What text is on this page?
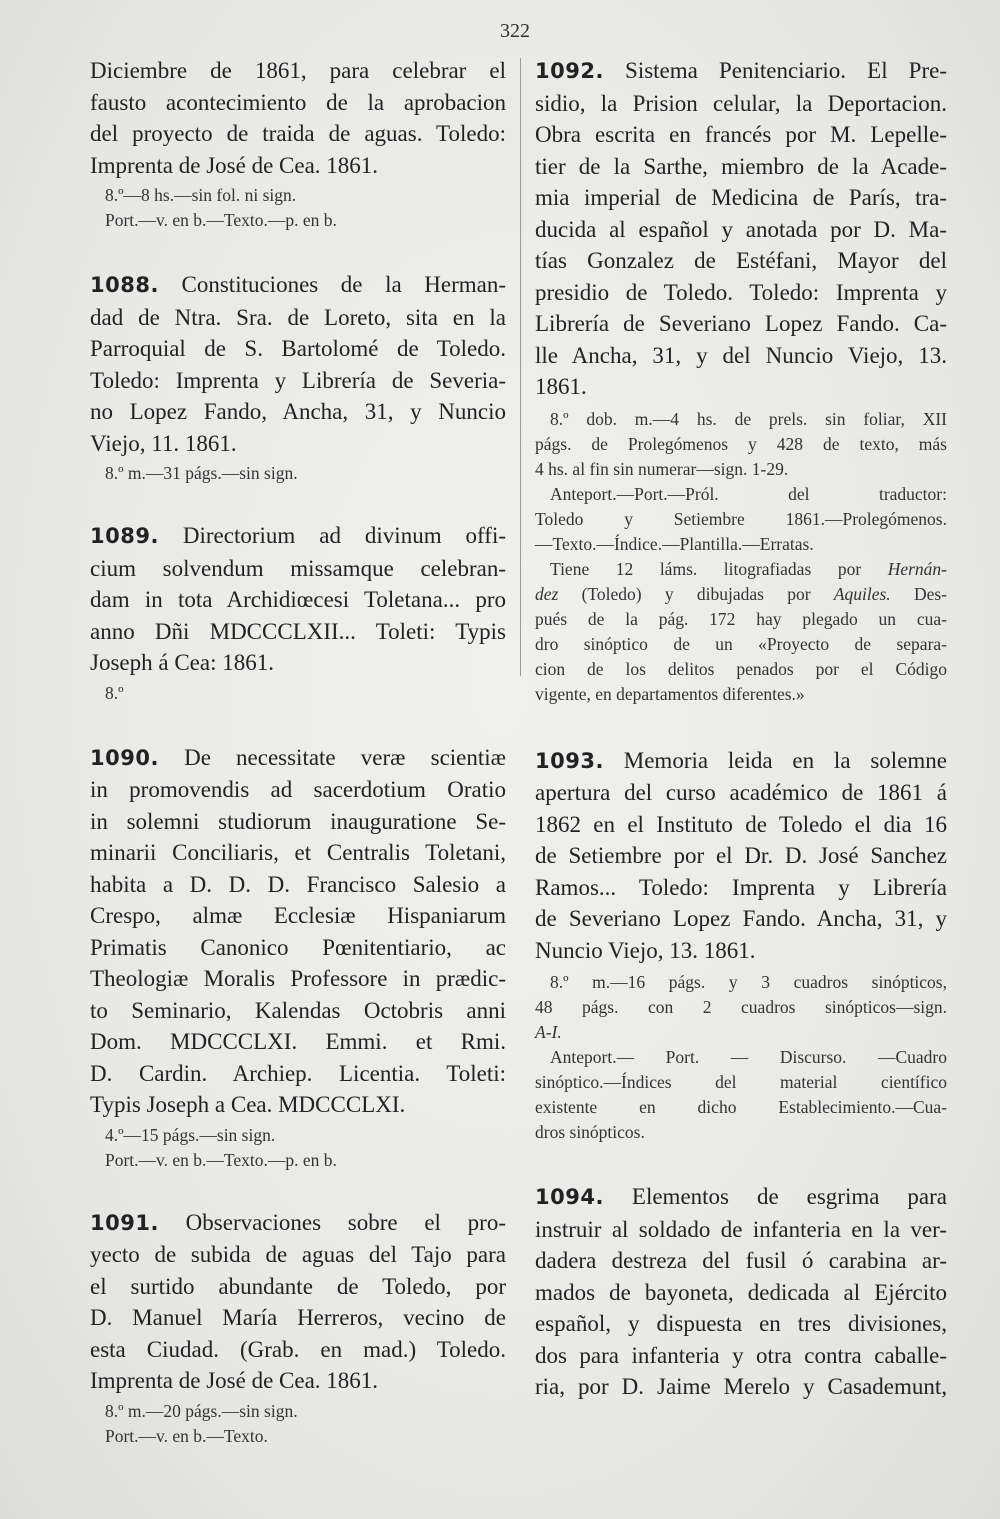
322
Diciembre de 1861, para celebrar el
fausto acontecimiento de la aprobacion
del proyecto de traida de aguas. Toledo:
Imprenta de José de Cea. 1861.
8.º—8 hs.—sin fol. ni sign.
Port.—v. en b.—Texto.—p. en b.
1088. Constituciones de la Herman-
dad de Ntra. Sra. de Loreto, sita en la
Parroquial de S. Bartolomé de Toledo.
Toledo: Imprenta y Librería de Severia-
no Lopez Fando, Ancha, 31, y Nuncio
Viejo, 11. 1861.
8.º m.—31 págs.—sin sign.
1089. Directorium ad divinum offi-
cium solvendum missamque celebran-
dam in tota Archidiœcesi Toletana... pro
anno Dñi MDCCCLXII... Toleti: Typis
Joseph á Cea: 1861.
8.º
1090. De necessitate veræ scientiæ
in promovendis ad sacerdotium Oratio
in solemni studiorum inauguratione Se-
minarii Conciliaris, et Centralis Toletani,
habita a D. D. D. Francisco Salesio a
Crespo, almæ Ecclesiæ Hispaniarum
Primatis Canonico Pœnitentiario, ac
Theologiæ Moralis Professore in prædic-
to Seminario, Kalendas Octobris anni
Dom. MDCCCLXI. Emmi. et Rmi.
D. Cardin. Archiep. Licentia. Toleti:
Typis Joseph a Cea. MDCCCLXI.
4.º—15 págs.—sin sign.
Port.—v. en b.—Texto.—p. en b.
1091. Observaciones sobre el pro-
yecto de subida de aguas del Tajo para
el surtido abundante de Toledo, por
D. Manuel María Herreros, vecino de
esta Ciudad. (Grab. en mad.) Toledo.
Imprenta de José de Cea. 1861.
8.º m.—20 págs.—sin sign.
Port.—v. en b.—Texto.
1092. Sistema Penitenciario. El Pre-
sidio, la Prision celular, la Deportacion.
Obra escrita en francés por M. Lepelle-
tier de la Sarthe, miembro de la Acade-
mia imperial de Medicina de París, tra-
ducida al español y anotada por D. Ma-
tías Gonzalez de Estéfani, Mayor del
presidio de Toledo. Toledo: Imprenta y
Librería de Severiano Lopez Fando. Ca-
lle Ancha, 31, y del Nuncio Viejo, 13.
1861.
8.º dob. m.—4 hs. de prels. sin foliar, XII
págs. de Prolegómenos y 428 de texto, más
4 hs. al fin sin numerar—sign. 1-29.
Anteport.—Port.—Pról. del traductor:
Toledo y Setiembre 1861.—Prolegómenos.
—Texto.—Índice.—Plantilla.—Erratas.
Tiene 12 láms. litografiadas por Hernán-
dez (Toledo) y dibujadas por Aquiles. Des-
pués de la pág. 172 hay plegado un cua-
dro sinóptico de un «Proyecto de separa-
cion de los delitos penados por el Código
vigente, en departamentos diferentes.»
1093. Memoria leida en la solemne
apertura del curso académico de 1861 á
1862 en el Instituto de Toledo el dia 16
de Setiembre por el Dr. D. José Sanchez
Ramos... Toledo: Imprenta y Librería
de Severiano Lopez Fando. Ancha, 31, y
Nuncio Viejo, 13. 1861.
8.º m.—16 págs. y 3 cuadros sinópticos,
48 págs. con 2 cuadros sinópticos—sign.
A-I.
Anteport.— Port. — Discurso. —Cuadro
sinóptico.—Índices del material científico
existente en dicho Establecimiento.—Cua-
dros sinópticos.
1094. Elementos de esgrima para
instruir al soldado de infanteria en la ver-
dadera destreza del fusil ó carabina ar-
mados de bayoneta, dedicada al Ejército
español, y dispuesta en tres divisiones,
dos para infanteria y otra contra caballe-
ria, por D. Jaime Merelo y Casademunt,
